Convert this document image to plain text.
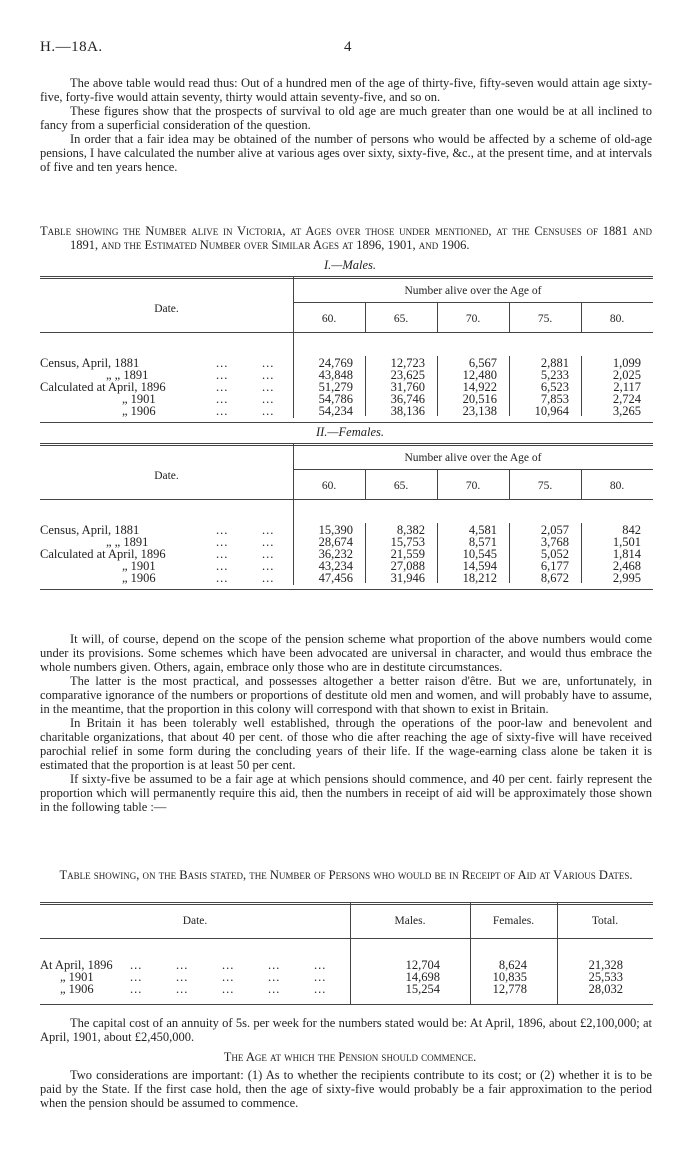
H.—18A.	4

The above table would read thus: Out of a hundred men of the age of thirty-five, fifty-seven would attain age sixty-five, forty-five would attain seventy, thirty would attain seventy-five, and so on.

These figures show that the prospects of survival to old age are much greater than one would be at all inclined to fancy from a superficial consideration of the question.

In order that a fair idea may be obtained of the number of persons who would be affected by a scheme of old-age pensions, I have calculated the number alive at various ages over sixty, sixty-five, &c., at the present time, and at intervals of five and ten years hence.

Table showing the Number alive in Victoria, at Ages over those under mentioned, at the Censuses of 1881 and 1891, and the Estimated Number over Similar Ages at 1896, 1901, and 1906.

I.—Males.
Number alive over the Age of
Date.
60.	65.	70.	75.	80.
Census, April, 1881	...	...	24,769	12,723	6,567	2,881	1,099
„ „ 1891	...	...	43,848	23,625	12,480	5,233	2,025
Calculated at April, 1896	...	...	51,279	31,760	14,922	6,523	2,117
„ 1901	...	...	54,786	36,746	20,516	7,853	2,724
„ 1906	...	...	54,234	38,136	23,138	10,964	3,265
II.—Females.
Number alive over the Age of
Date.
60.	65.	70.	75.	80.
Census, April, 1881	...	...	15,390	8,382	4,581	2,057	842
„ „ 1891	...	...	28,674	15,753	8,571	3,768	1,501
Calculated at April, 1896	...	...	36,232	21,559	10,545	5,052	1,814
„ 1901	...	...	43,234	27,088	14,594	6,177	2,468
„ 1906	...	...	47,456	31,946	18,212	8,672	2,995

It will, of course, depend on the scope of the pension scheme what proportion of the above numbers would come under its provisions. Some schemes which have been advocated are universal in character, and would thus embrace the whole numbers given. Others, again, embrace only those who are in destitute circumstances.

The latter is the most practical, and possesses altogether a better raison d'être. But we are, unfortunately, in comparative ignorance of the numbers or proportions of destitute old men and women, and will probably have to assume, in the meantime, that the proportion in this colony will correspond with that shown to exist in Britain.

In Britain it has been tolerably well established, through the operations of the poor-law and benevolent and charitable organizations, that about 40 per cent. of those who die after reaching the age of sixty-five will have received parochial relief in some form during the concluding years of their life. If the wage-earning class alone be taken it is estimated that the proportion is at least 50 per cent.

If sixty-five be assumed to be a fair age at which pensions should commence, and 40 per cent. fairly represent the proportion which will permanently require this aid, then the numbers in receipt of aid will be approximately those shown in the following table :—

Table showing, on the Basis stated, the Number of Persons who would be in Receipt of Aid at Various Dates.
Date.	Males.	Females.	Total.
At April, 1896 ...	...	...	...	...	12,704	8,624	21,328
„ 1901	...	...	...	...	...	14,698	10,835	25,533
„ 1906	...	...	...	...	...	15,254	12,778	28,032

The capital cost of an annuity of 5s. per week for the numbers stated would be: At April, 1896, about £2,100,000; at April, 1901, about £2,450,000.

The Age at which the Pension should commence.

Two considerations are important: (1) As to whether the recipients contribute to its cost; or (2) whether it is to be paid by the State. If the first case hold, then the age of sixty-five would probably be a fair approximation to the period when the pension should be assumed to commence.
